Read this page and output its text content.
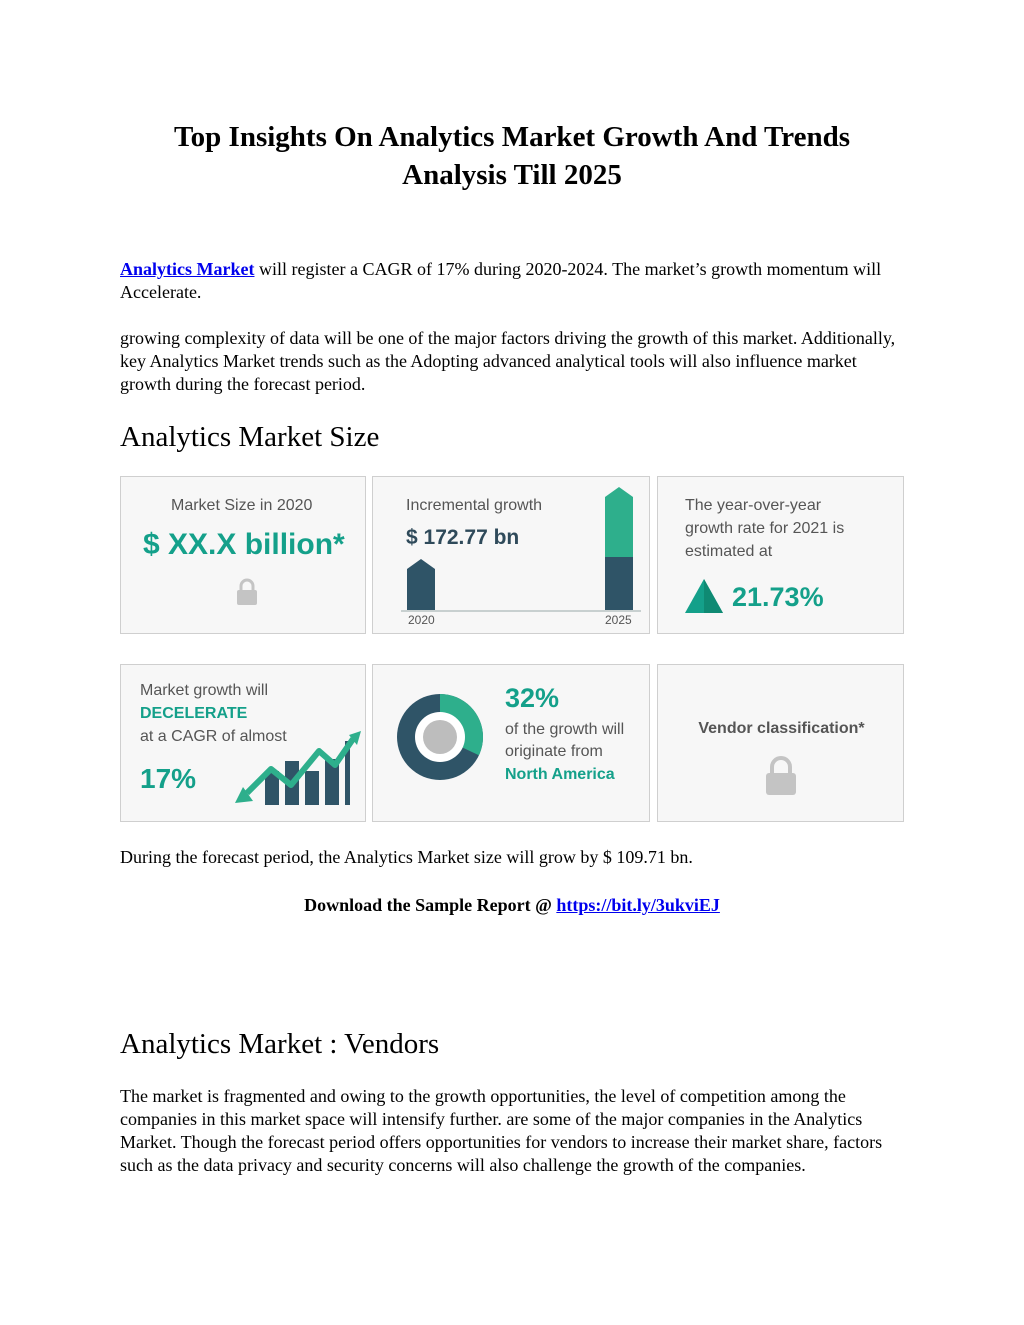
Top Insights On Analytics Market Growth And Trends Analysis Till 2025

Analytics Market will register a CAGR of 17% during 2020-2024. The market’s growth momentum will Accelerate.

growing complexity of data will be one of the major factors driving the growth of this market. Additionally, key Analytics Market trends such as the Adopting advanced analytical tools will also influence market growth during the forecast period.

Analytics Market Size
Market Size in 2020
$ XX.X billion*
Incremental growth
$ 172.77 bn
2020	2025
The year-over-year
growth rate for 2021 is
estimated at
21.73%
Market growth will
DECELERATE
at a CAGR of almost
17%
32%
of the growth will
originate from
North America
Vendor classification*

During the forecast period, the Analytics Market size will grow by $ 109.71 bn.

Download the Sample Report @ https://bit.ly/3ukviEJ

Analytics Market : Vendors

The market is fragmented and owing to the growth opportunities, the level of competition among the companies in this market space will intensify further. are some of the major companies in the Analytics Market. Though the forecast period offers opportunities for vendors to increase their market share, factors such as the data privacy and security concerns will also challenge the growth of the companies.
